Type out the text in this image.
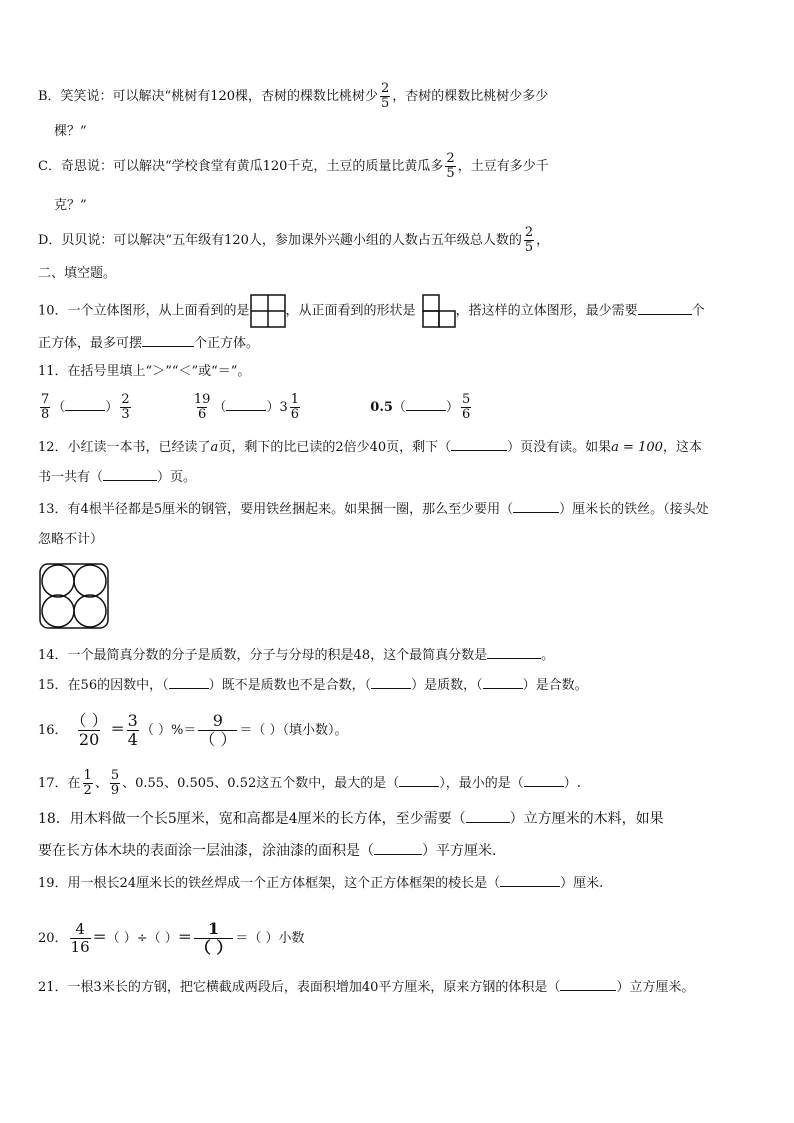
B．笑笑说：可以解决“桃树有120棵，杏树的棵数比桃树少 $\frac{2}{5}$ ，杏树的棵数比桃树少多少
棵？”
C．奇思说：可以解决“学校食堂有黄瓜120千克，土豆的质量比黄瓜多 $\frac{2}{5}$ ，土豆有多少千
克？”
D．贝贝说：可以解决“五年级有120人，参加课外兴趣小组的人数占五年级总人数的 $\frac{2}{5}$ ，
二、填空题。
10．一个立体图形，从上面看到的是	，从正面看到的形状是	，搭这样的立体图形，最少需要	个
正方体，最多可摆	个正方体。
11．在括号里填上“＞”“＜”或“＝”。
$\frac{7}{8}$ （	） $\frac{2}{3}$
	$\frac{19}{6}$ （	）$3 \frac{1}{6}$	0.5（	） $\frac{5}{6}$
12．小红读一本书，已经读了a页，剩下的比已读的2倍少40页，剩下（	）页没有读。如果a = 100，这本
书一共有（	）页。
13．有4根半径都是5厘米的钢管，要用铁丝捆起来。如果捆一圈，那么至少要用（	）厘米长的铁丝。（接头处
忽略不计）
14．一个最简真分数的分子是质数，分子与分母的积是48，这个最简真分数是	。
15．在56的因数中，（	）既不是质数也不是合数，（	）是质数，（	）是合数。
16． $\frac{( )}{20} = \frac{3}{4}$ （ ）%＝ $\frac{9}{( )}$ ＝（ ）（填小数）。
17．在 $\frac{1}{2}$ 、 $\frac{5}{9}$ 、0.55、0.505、0.52这五个数中，最大的是（	），最小的是（	）.
18．用木料做一个长5厘米，宽和高都是4厘米的长方体，至少需要（	）立方厘米的木料，如果
要在长方体木块的表面涂一层油漆，涂油漆的面积是（	）平方厘米.
19．用一根长24厘米长的铁丝焊成一个正方体框架，这个正方体框架的棱长是（	）厘米.
20． $\frac{4}{16}$ ＝（ ）÷（ ）＝ $\frac{1}{( )}$ ＝（ ）小数
21．一根3米长的方钢，把它横截成两段后，表面积增加40平方厘米，原来方钢的体积是（	）立方厘米。
